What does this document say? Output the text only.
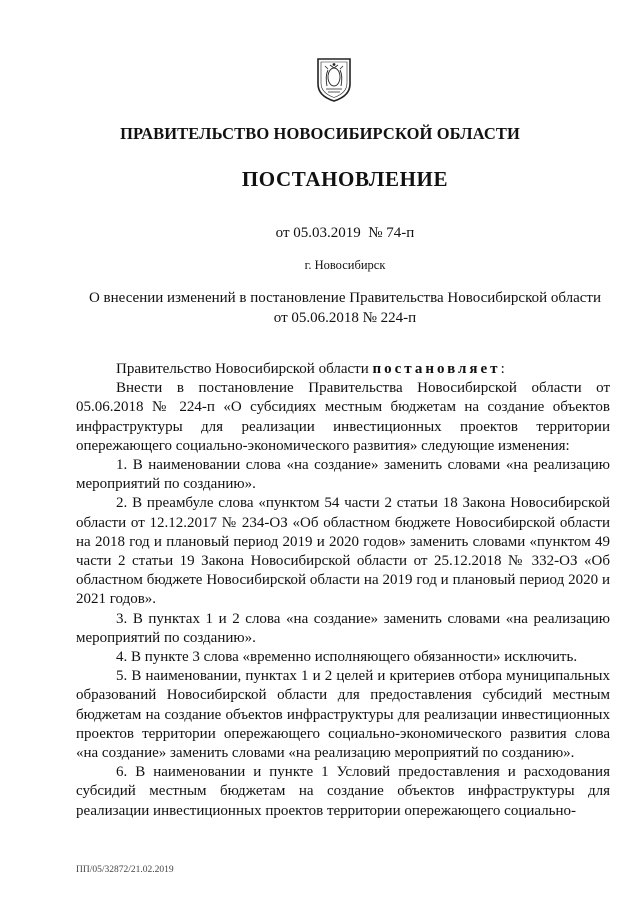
ПРАВИТЕЛЬСТВО НОВОСИБИРСКОЙ ОБЛАСТИ
ПОСТАНОВЛЕНИЕ
от 05.03.2019  № 74-п
г. Новосибирск
О внесении изменений в постановление Правительства Новосибирской области
от 05.06.2018 № 224-п

Правительство Новосибирской области постановляет:

Внести в постановление Правительства Новосибирской области от 05.06.2018 № 224-п «О субсидиях местным бюджетам на создание объектов инфраструктуры для реализации инвестиционных проектов территории опережающего социально-экономического развития» следующие изменения:

1. В наименовании слова «на создание» заменить словами «на реализацию мероприятий по созданию».

2. В преамбуле слова «пунктом 54 части 2 статьи 18 Закона Новосибирской области от 12.12.2017 № 234-ОЗ «Об областном бюджете Новосибирской области на 2018 год и плановый период 2019 и 2020 годов» заменить словами «пунктом 49 части 2 статьи 19 Закона Новосибирской области от 25.12.2018 № 332-ОЗ «Об областном бюджете Новосибирской области на 2019 год и плановый период 2020 и 2021 годов».

3. В пунктах 1 и 2 слова «на создание» заменить словами «на реализацию мероприятий по созданию».

4. В пункте 3 слова «временно исполняющего обязанности» исключить.

5. В наименовании, пунктах 1 и 2 целей и критериев отбора муниципальных образований Новосибирской области для предоставления субсидий местным бюджетам на создание объектов инфраструктуры для реализации инвестиционных проектов территории опережающего социально-экономического развития слова «на создание» заменить словами «на реализацию мероприятий по созданию».

6. В наименовании и пункте 1 Условий предоставления и расходования субсидий местным бюджетам на создание объектов инфраструктуры для реализации инвестиционных проектов территории опережающего социально-

ПП/05/32872/21.02.2019
